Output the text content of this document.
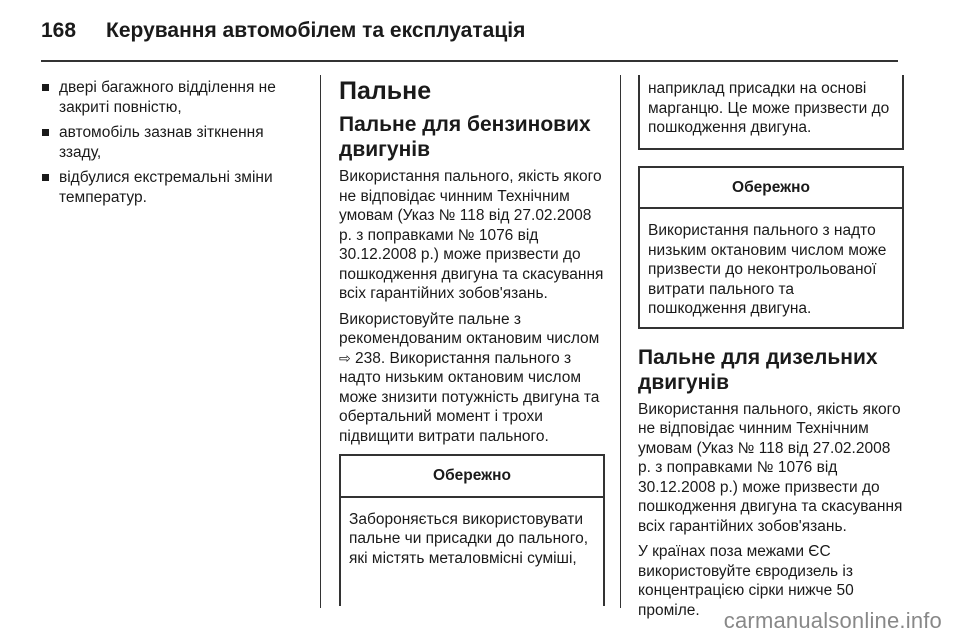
168 Керування автомобілем та експлуатація
двері багажного відділення не закриті повністю,
автомобіль зазнав зіткнення ззаду,
відбулися екстремальні зміни температур.
Пальне
Пальне для бензинових двигунів

Використання пального, якість якого не відповідає чинним Технічним умовам (Указ № 118 від 27.02.2008 р. з поправками № 1076 від 30.12.2008 р.) може призвести до пошкодження двигуна та скасування всіх гарантійних зобов'язань.

Використовуйте пальне з рекомендованим октановим числом ⇨ 238. Використання пального з надто низьким октановим числом може знизити потужність двигуна та обертальний момент і трохи підвищити витрати пального.

Обережно
Забороняється використовувати пальне чи присадки до пального, які містять металовмісні суміші,
наприклад присадки на основі марганцю. Це може призвести до пошкодження двигуна.
Обережно
Використання пального з надто низьким октановим числом може призвести до неконтрольованої витрати пального та пошкодження двигуна.
Пальне для дизельних двигунів

Використання пального, якість якого не відповідає чинним Технічним умовам (Указ № 118 від 27.02.2008 р. з поправками № 1076 від 30.12.2008 р.) може призвести до пошкодження двигуна та скасування всіх гарантійних зобов'язань.

У країнах поза межами ЄС використовуйте євродизель із концентрацією сірки нижче 50 проміле.	carmanualsonline.info
